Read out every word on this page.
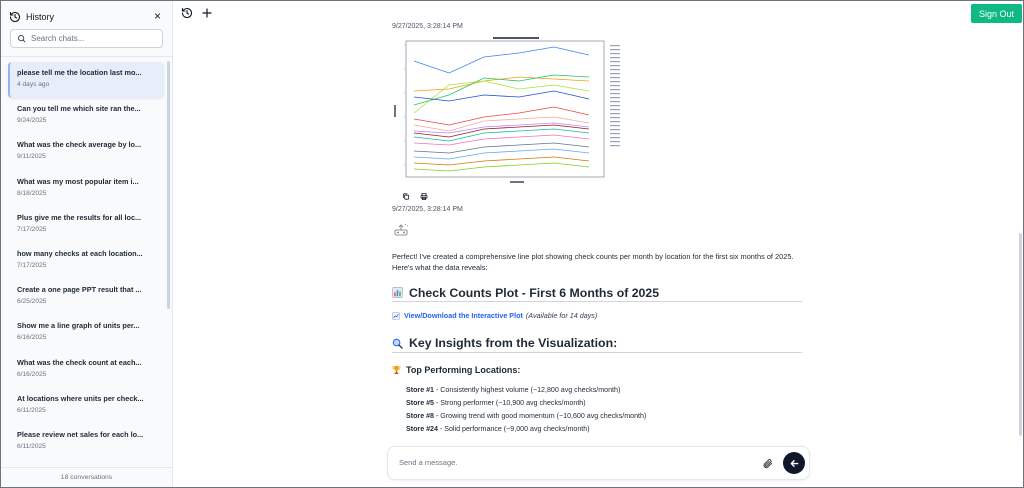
History	×
Search chats...
please tell me the location last mo...
4 days ago
Can you tell me which site ran the...
9/24/2025
What was the check average by lo...
9/11/2025
What was my most popular item i...
8/18/2025
Plus give me the results for all loc...
7/17/2025
how many checks at each location...
7/17/2025
Create a one page PPT result that ...
6/25/2025
Show me a line graph of units per...
6/16/2025
What was the check count at each...
6/16/2025
At locations where units per check...
6/11/2025
Please review net sales for each lo...
6/11/2025
18 conversations
Sign Out
9/27/2025, 3:28:14 PM
9/27/2025, 3:28:14 PM

Perfect! I've created a comprehensive line plot showing check counts per month by location for the first six months of 2025. Here's what the data reveals:

Check Counts Plot - First 6 Months of 2025
View/Download the Interactive Plot (Available for 14 days)
Key Insights from the Visualization:
Top Performing Locations:
Store #1 - Consistently highest volume (~12,800 avg checks/month)
Store #5 - Strong performer (~10,900 avg checks/month)
Store #8 - Growing trend with good momentum (~10,600 avg checks/month)
Store #24 - Solid performance (~9,000 avg checks/month)
Send a message.
